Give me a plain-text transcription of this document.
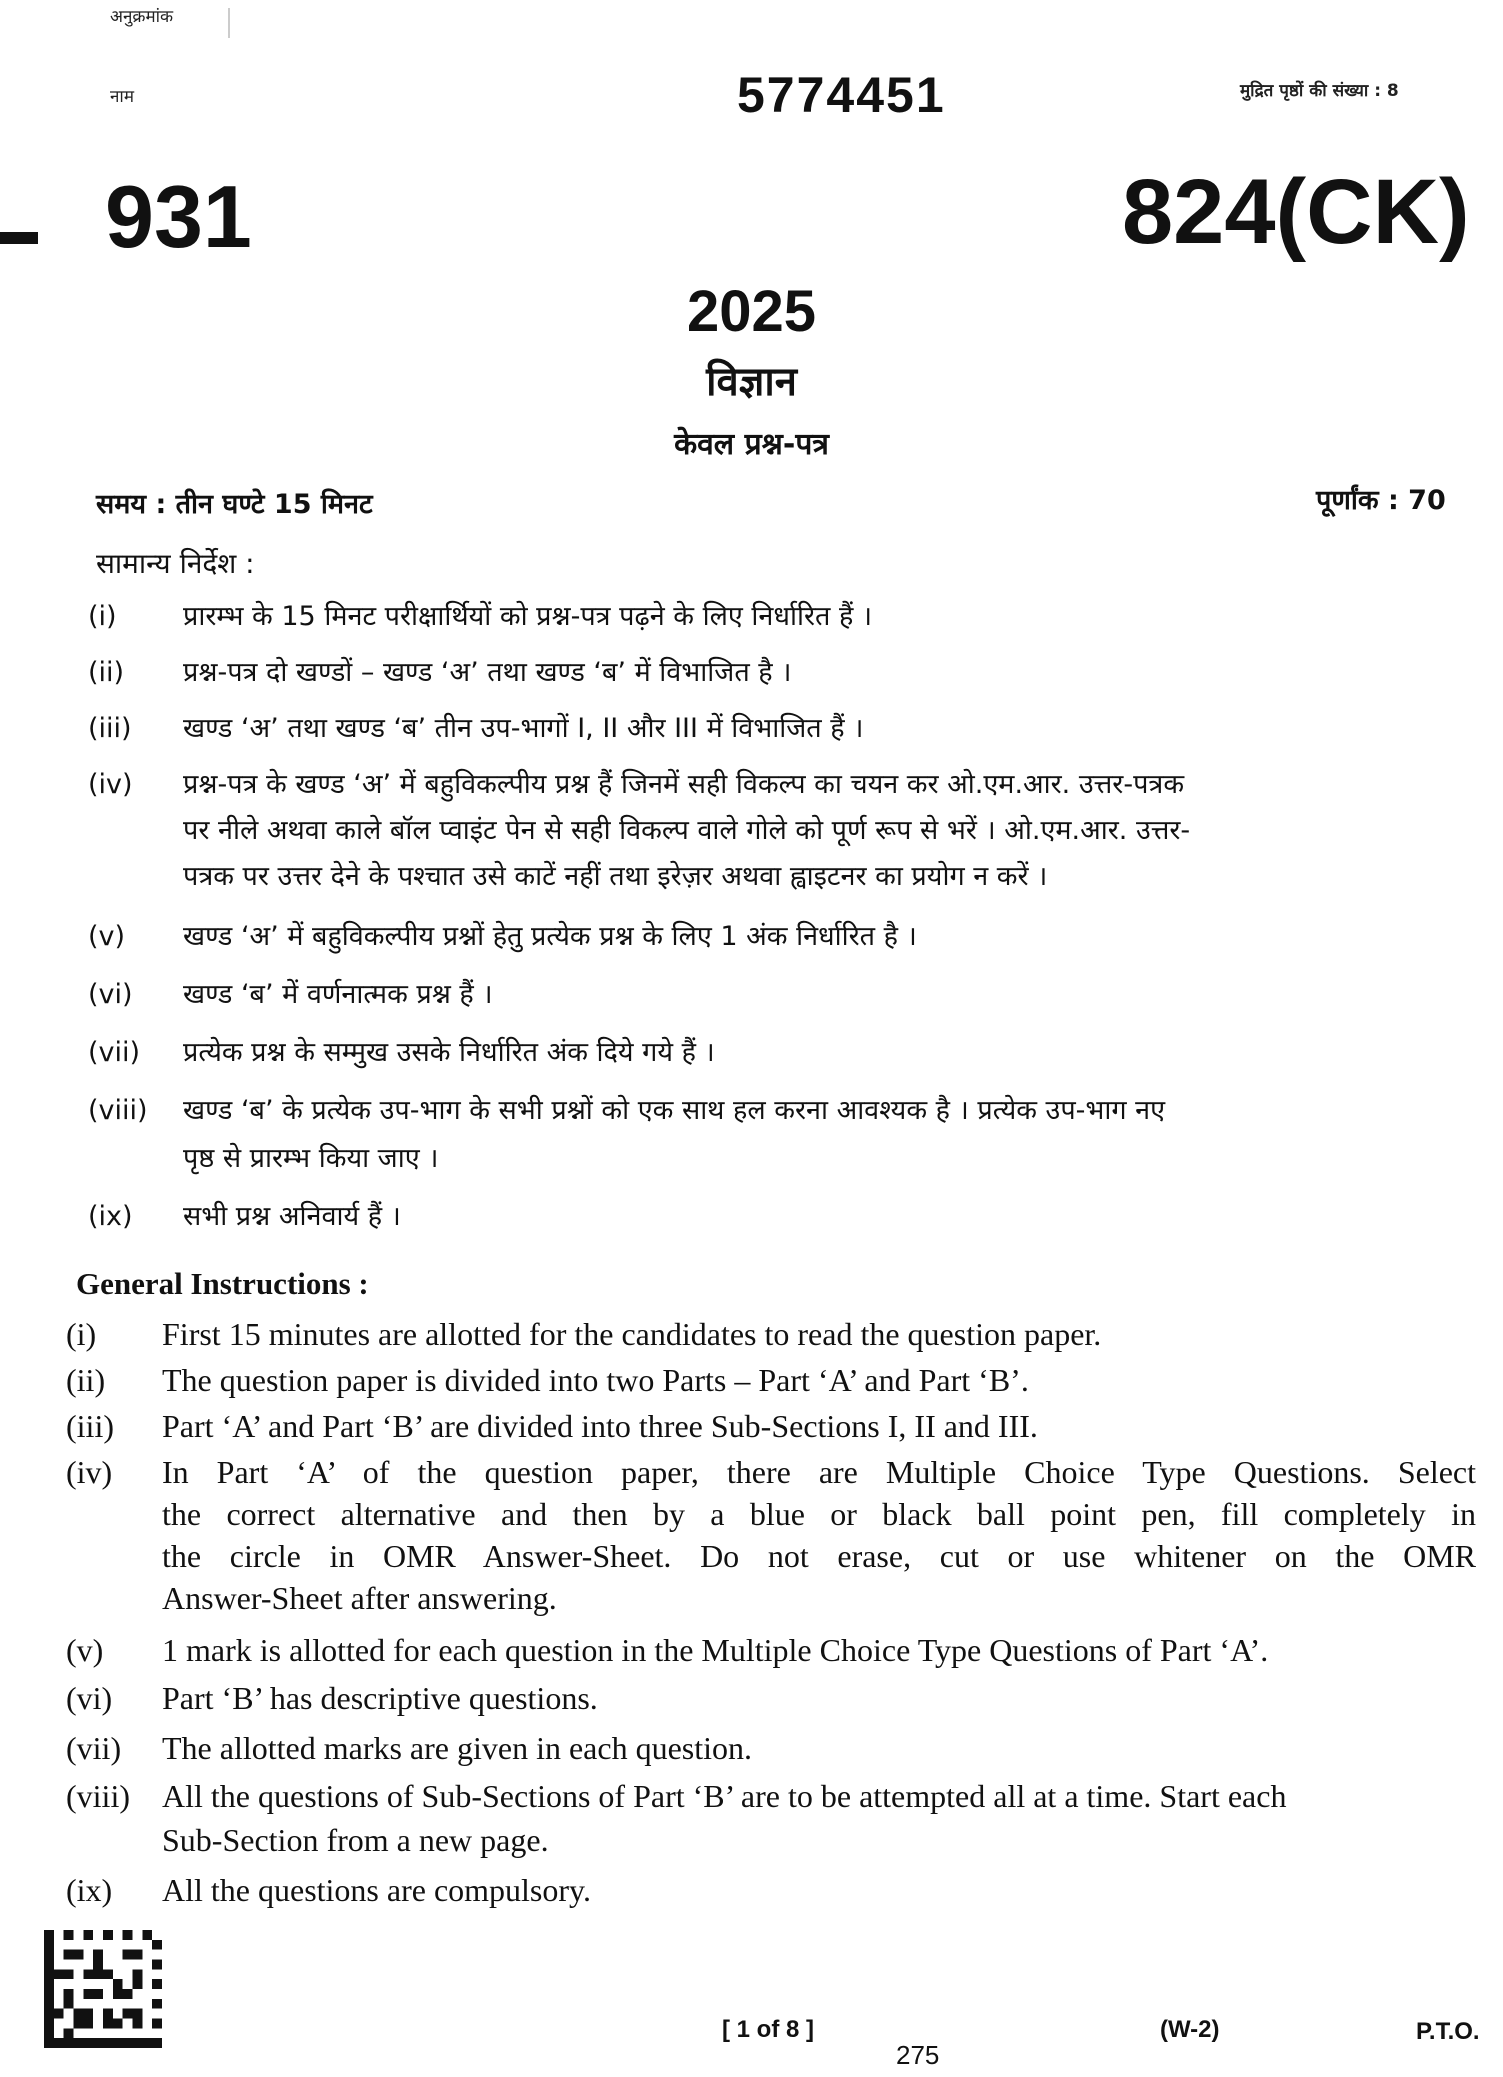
अनुक्रमांक
नाम	5774451	मुद्रित पृष्ठों की संख्या : 8
931	824(CK)
2025
विज्ञान
केवल प्रश्न-पत्र
समय : तीन घण्टे 15 मिनट	पूर्णांक : 70
सामान्य निर्देश :
(i) प्रारम्भ के 15 मिनट परीक्षार्थियों को प्रश्न-पत्र पढ़ने के लिए निर्धारित हैं ।
(ii) प्रश्न-पत्र दो खण्डों – खण्ड ‘अ’ तथा खण्ड ‘ब’ में विभाजित है ।
(iii) खण्ड ‘अ’ तथा खण्ड ‘ब’ तीन उप-भागों I, II और III में विभाजित हैं ।
(iv) प्रश्न-पत्र के खण्ड ‘अ’ में बहुविकल्पीय प्रश्न हैं जिनमें सही विकल्प का चयन कर ओ.एम.आर. उत्तर-पत्रक
पर नीले अथवा काले बॉल प्वाइंट पेन से सही विकल्प वाले गोले को पूर्ण रूप से भरें । ओ.एम.आर. उत्तर-
पत्रक पर उत्तर देने के पश्चात उसे काटें नहीं तथा इरेज़र अथवा ह्वाइटनर का प्रयोग न करें ।
(v) खण्ड ‘अ’ में बहुविकल्पीय प्रश्नों हेतु प्रत्येक प्रश्न के लिए 1 अंक निर्धारित है ।
(vi) खण्ड ‘ब’ में वर्णनात्मक प्रश्न हैं ।
(vii) प्रत्येक प्रश्न के सम्मुख उसके निर्धारित अंक दिये गये हैं ।
(viii) खण्ड ‘ब’ के प्रत्येक उप-भाग के सभी प्रश्नों को एक साथ हल करना आवश्यक है । प्रत्येक उप-भाग नए
पृष्ठ से प्रारम्भ किया जाए ।
(ix) सभी प्रश्न अनिवार्य हैं ।
General Instructions :
(i) First 15 minutes are allotted for the candidates to read the question paper.
(ii) The question paper is divided into two Parts – Part ‘A’ and Part ‘B’.
(iii) Part ‘A’ and Part ‘B’ are divided into three Sub-Sections I, II and III.
(iv) In Part ‘A’ of the question paper, there are Multiple Choice Type Questions. Select
the correct alternative and then by a blue or black ball point pen, fill completely in
the circle in OMR Answer-Sheet. Do not erase, cut or use whitener on the OMR
Answer-Sheet after answering.
(v) 1 mark is allotted for each question in the Multiple Choice Type Questions of Part ‘A’.
(vi) Part ‘B’ has descriptive questions.
(vii) The allotted marks are given in each question.
(viii) All the questions of Sub-Sections of Part ‘B’ are to be attempted all at a time. Start each
Sub-Section from a new page.
(ix) All the questions are compulsory.
[ 1 of 8 ]
275
(W-2)	P.T.O.
